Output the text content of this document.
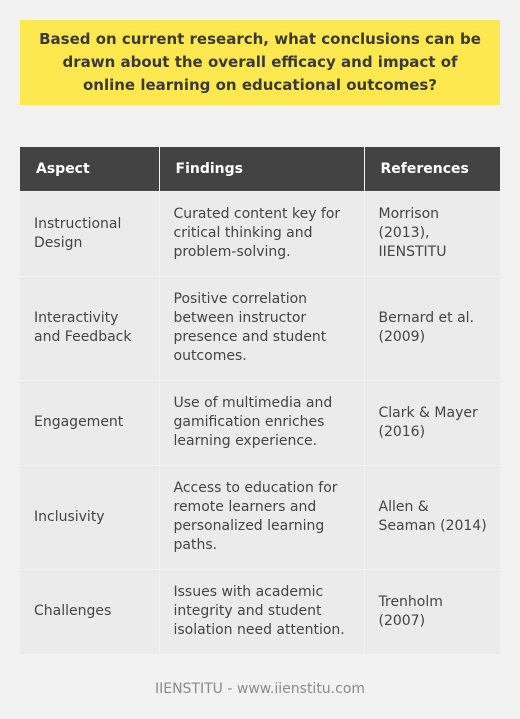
Based on current research, what conclusions can be drawn about the overall efficacy and impact of online learning on educational outcomes?

Aspect	Findings	References
Instructional Design	Curated content key for critical thinking and problem-solving.	Morrison (2013), IIENSTITU
Interactivity and Feedback	Positive correlation between instructor presence and student outcomes.	Bernard et al. (2009)
Engagement	Use of multimedia and gamification enriches learning experience.	Clark & Mayer (2016)
Inclusivity	Access to education for remote learners and personalized learning paths.	Allen & Seaman (2014)
Challenges	Issues with academic integrity and student isolation need attention.	Trenholm (2007)
IIENSTITU - www.iienstitu.com
